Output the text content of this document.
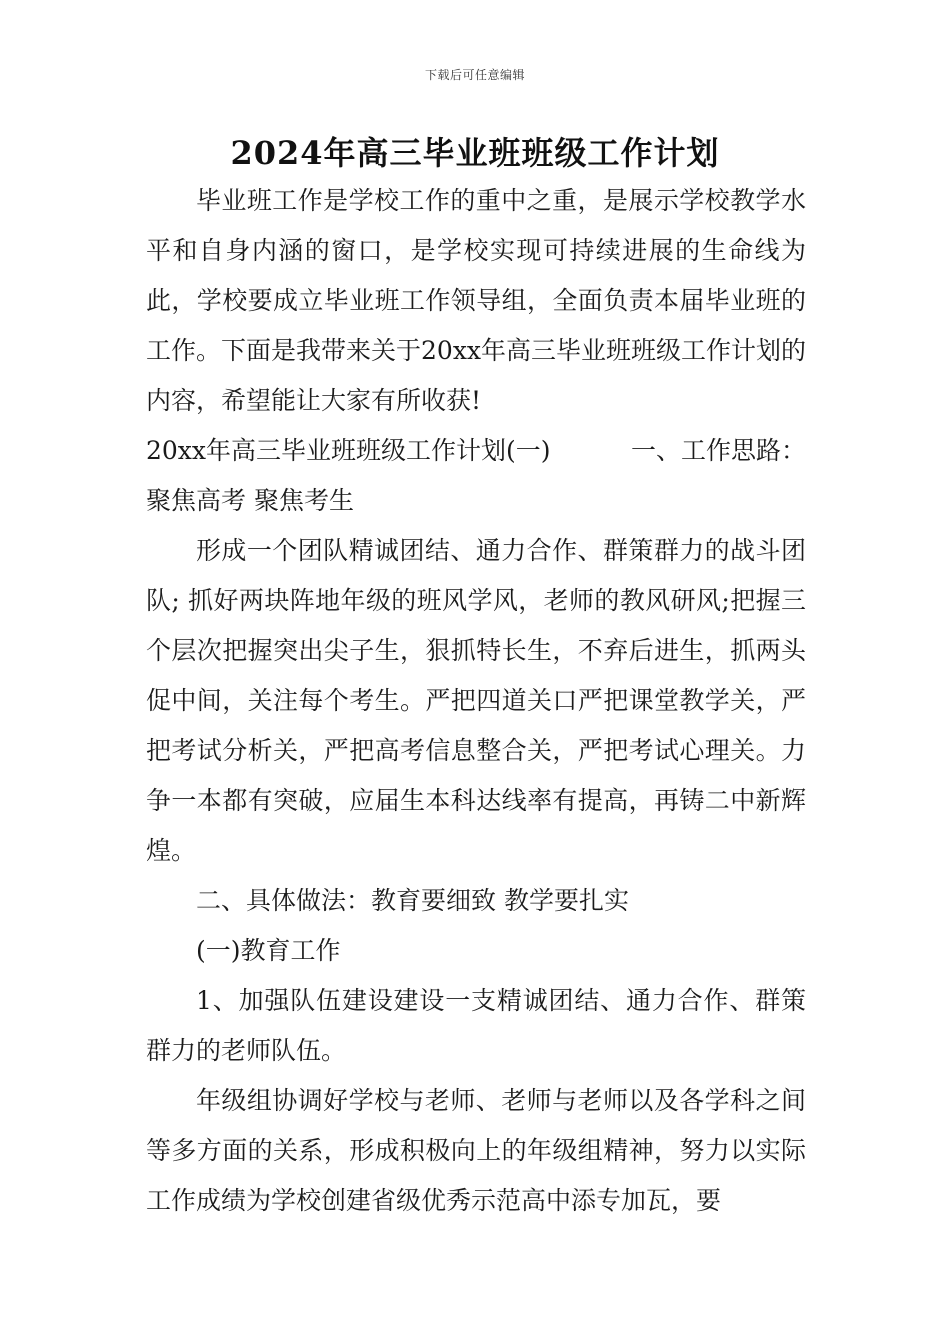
下载后可任意编辑
2024年高三毕业班班级工作计划

毕业班工作是学校工作的重中之重，是展示学校教学水平和自身内涵的窗口，是学校实现可持续进展的生命线为此，学校要成立毕业班工作领导组，全面负责本届毕业班的工作。下面是我带来关于20xx年高三毕业班班级工作计划的内容，希望能让大家有所收获!

20xx年高三毕业班班级工作计划(一)	一、工作思路：

聚焦高考 聚焦考生

形成一个团队精诚团结、通力合作、群策群力的战斗团队; 抓好两块阵地年级的班风学风，老师的教风研风;把握三个层次把握突出尖子生，狠抓特长生，不弃后进生，抓两头促中间，关注每个考生。严把四道关口严把课堂教学关，严把考试分析关，严把高考信息整合关，严把考试心理关。力争一本都有突破，应届生本科达线率有提高，再铸二中新辉煌。

二、具体做法：教育要细致 教学要扎实

(一)教育工作

1、加强队伍建设建设一支精诚团结、通力合作、群策群力的老师队伍。

年级组协调好学校与老师、老师与老师以及各学科之间等多方面的关系，形成积极向上的年级组精神，努力以实际工作成绩为学校创建省级优秀示范高中添专加瓦，要
